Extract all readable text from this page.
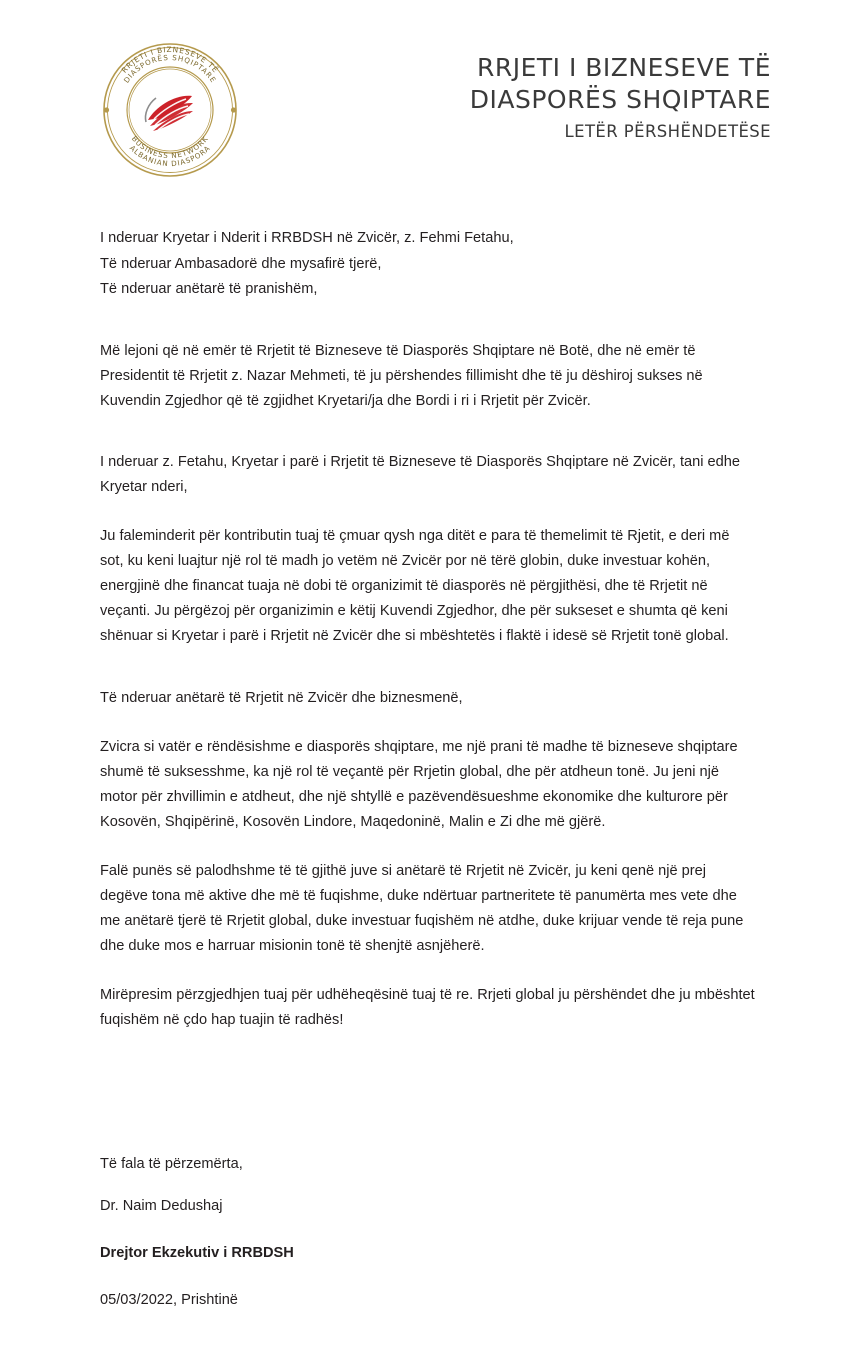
RRJETI I BIZNESEVE TË
DIASPORËS SHQIPTARE
ALBANIAN DIASPORA
BUSINESS NETWORK
RRJETI I BIZNESEVE TË
DIASPORËS SHQIPTARE
LETËR PËRSHËNDETËSE

I nderuar Kryetar i Nderit i RRBDSH në Zvicër, z. Fehmi Fetahu,

Të nderuar Ambasadorë dhe mysafirë tjerë,

Të nderuar anëtarë të pranishëm,

Më lejoni që në emër të Rrjetit të Bizneseve të Diasporës Shqiptare në Botë, dhe në emër të Presidentit të Rrjetit z. Nazar Mehmeti, të ju përshendes fillimisht dhe të ju dëshiroj sukses në Kuvendin Zgjedhor që të zgjidhet Kryetari/ja dhe Bordi i ri i Rrjetit për Zvicër.

I nderuar z. Fetahu, Kryetar i parë i Rrjetit të Bizneseve të Diasporës Shqiptare në Zvicër, tani edhe Kryetar nderi,

Ju faleminderit për kontributin tuaj të çmuar qysh nga ditët e para të themelimit të Rjetit, e deri më sot, ku keni luajtur një rol të madh jo vetëm në Zvicër por në tërë globin, duke investuar kohën, energjinë dhe financat tuaja në dobi të organizimit të diasporës në përgjithësi, dhe të Rrjetit në veçanti. Ju përgëzoj për organizimin e këtij Kuvendi Zgjedhor, dhe për sukseset e shumta që keni shënuar si Kryetar i parë i Rrjetit në Zvicër dhe si mbështetës i flaktë i idesë së Rrjetit tonë global.

Të nderuar anëtarë të Rrjetit në Zvicër dhe biznesmenë,

Zvicra si vatër e rëndësishme e diasporës shqiptare, me një prani të madhe të bizneseve shqiptare shumë të suksesshme, ka një rol të veçantë për Rrjetin global, dhe për atdheun tonë. Ju jeni një motor për zhvillimin e atdheut, dhe një shtyllë e pazëvendësueshme ekonomike dhe kulturore për Kosovën, Shqipërinë, Kosovën Lindore, Maqedoninë, Malin e Zi dhe më gjërë.

Falë punës së palodhshme të të gjithë juve si anëtarë të Rrjetit në Zvicër, ju keni qenë një prej degëve tona më aktive dhe më të fuqishme, duke ndërtuar partneritete të panumërta mes vete dhe me anëtarë tjerë të Rrjetit global, duke investuar fuqishëm në atdhe, duke krijuar vende të reja pune dhe duke mos e harruar misionin tonë të shenjtë asnjëherë.

Mirëpresim përzgjedhjen tuaj për udhëheqësinë tuaj të re. Rrjeti global ju përshëndet dhe ju mbështet fuqishëm në çdo hap tuajin të radhës!

Të fala të përzemërta,

Dr. Naim Dedushaj

Drejtor Ekzekutiv i RRBDSH

05/03/2022, Prishtinë
